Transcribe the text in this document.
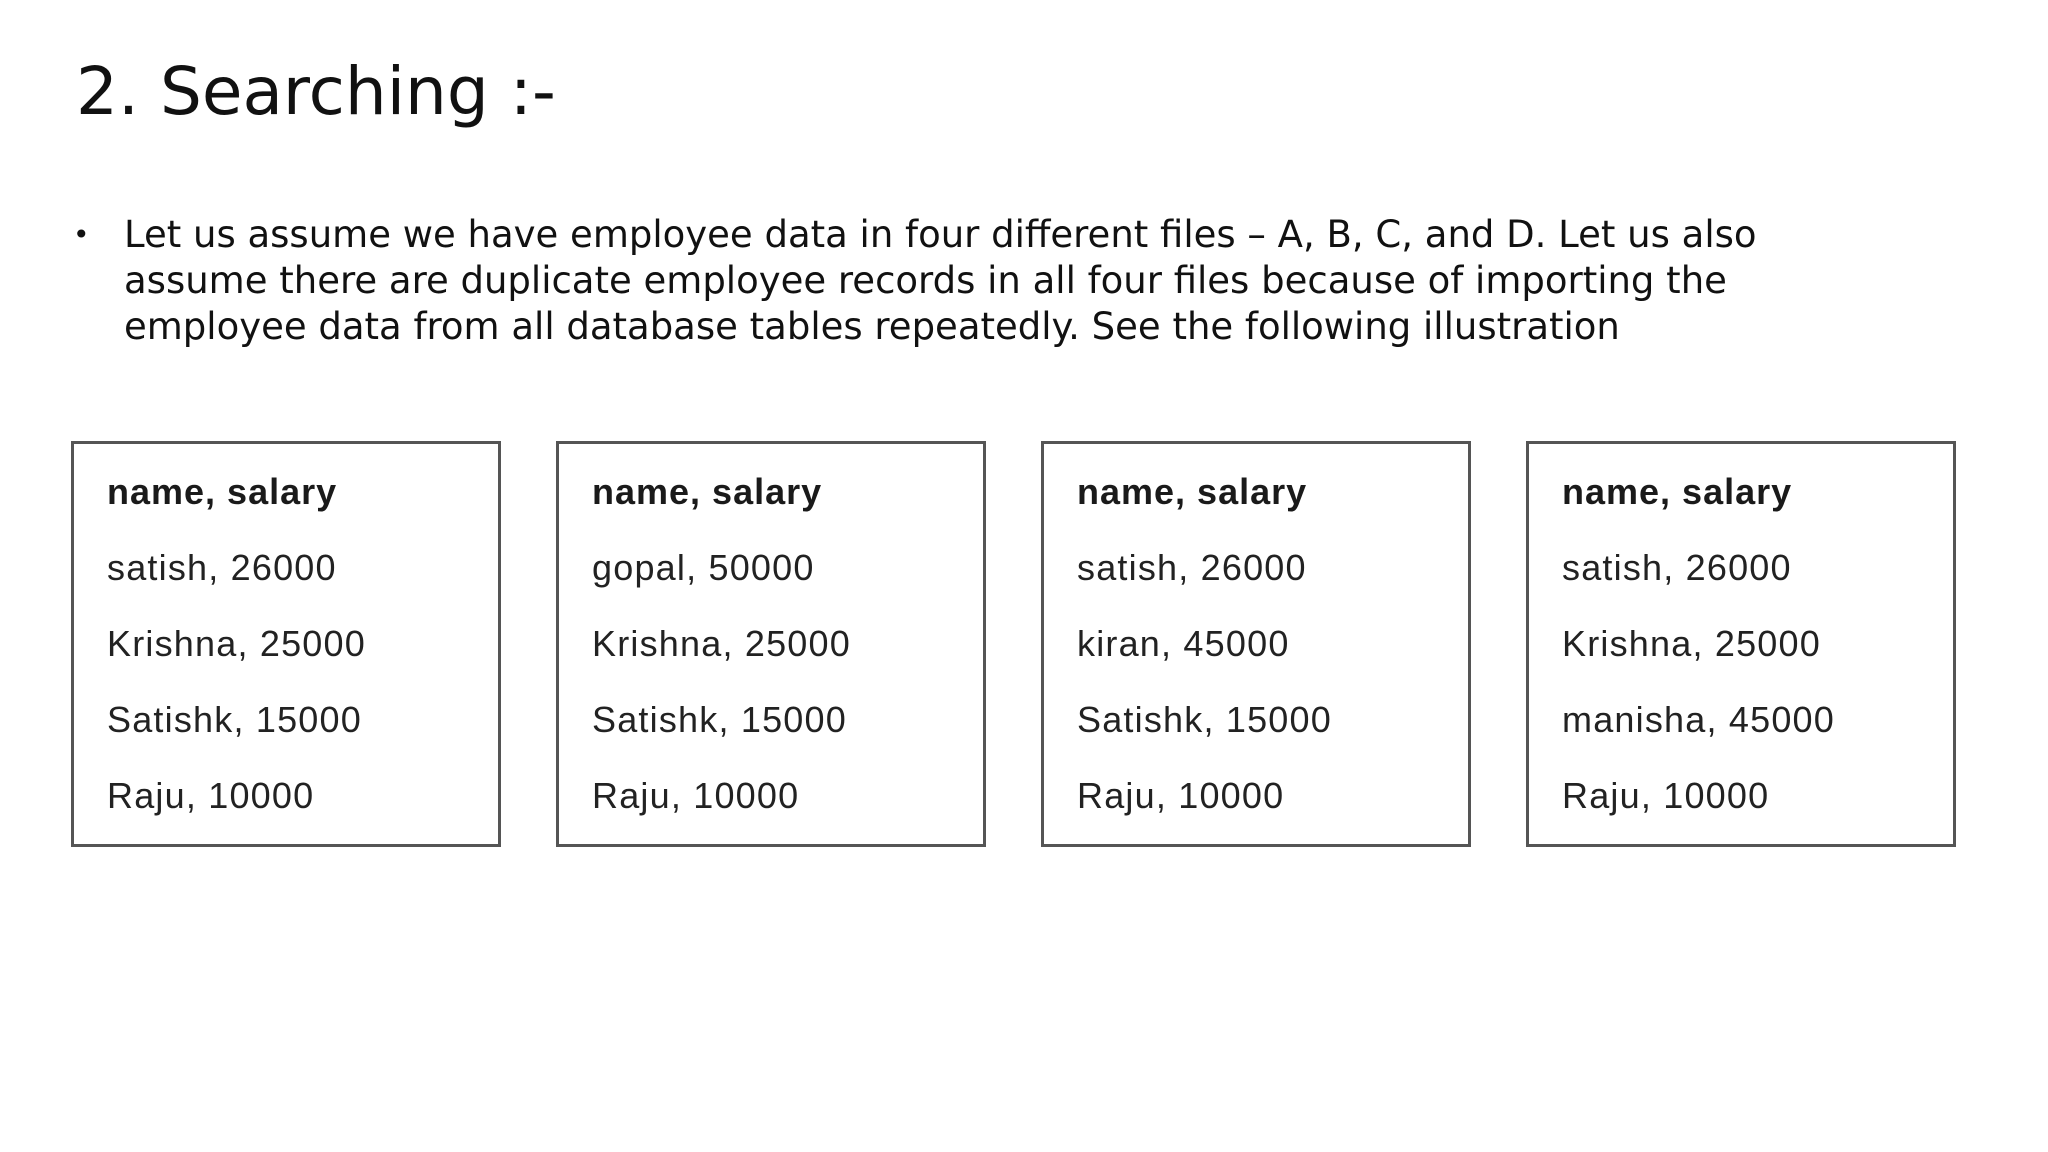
2. Searching :-
• Let us assume we have employee data in four different files – A, B, C, and D. Let us also assume there are duplicate employee records in all four files because of importing the employee data from all database tables repeatedly. See the following illustration
name, salary
satish, 26000
Krishna, 25000
Satishk, 15000
Raju, 10000
name, salary
gopal, 50000
Krishna, 25000
Satishk, 15000
Raju, 10000
name, salary
satish, 26000
kiran, 45000
Satishk, 15000
Raju, 10000
name, salary
satish, 26000
Krishna, 25000
manisha, 45000
Raju, 10000
